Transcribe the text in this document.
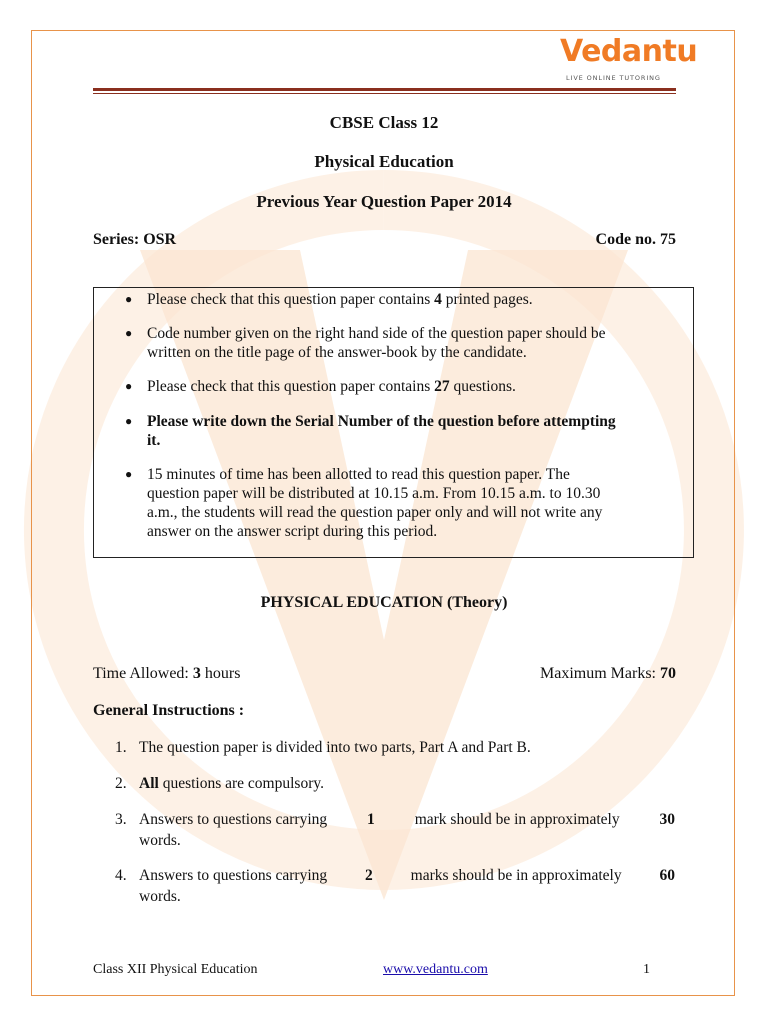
Vedantu
LIVE ONLINE TUTORING
CBSE Class 12
Physical Education
Previous Year Question Paper 2014
Series: OSR	Code no. 75
● Please check that this question paper contains 4 printed pages.
● Code number given on the right hand side of the question paper should be
written on the title page of the answer-book by the candidate.
● Please check that this question paper contains 27 questions.
● Please write down the Serial Number of the question before attempting
it.
● 15 minutes of time has been allotted to read this question paper. The
question paper will be distributed at 10.15 a.m. From 10.15 a.m. to 10.30
a.m., the students will read the question paper only and will not write any
answer on the answer script during this period.
PHYSICAL EDUCATION (Theory)
Time Allowed: 3 hours	Maximum Marks: 70
General Instructions :
1. The question paper is divided into two parts, Part A and Part B.
2. All questions are compulsory.
3. Answers to questions carrying	1	mark should be in approximately	30
words.
4. Answers to questions carrying 2 marks should be in approximately 60
words.
Class XII Physical Education	www.vedantu.com	1
